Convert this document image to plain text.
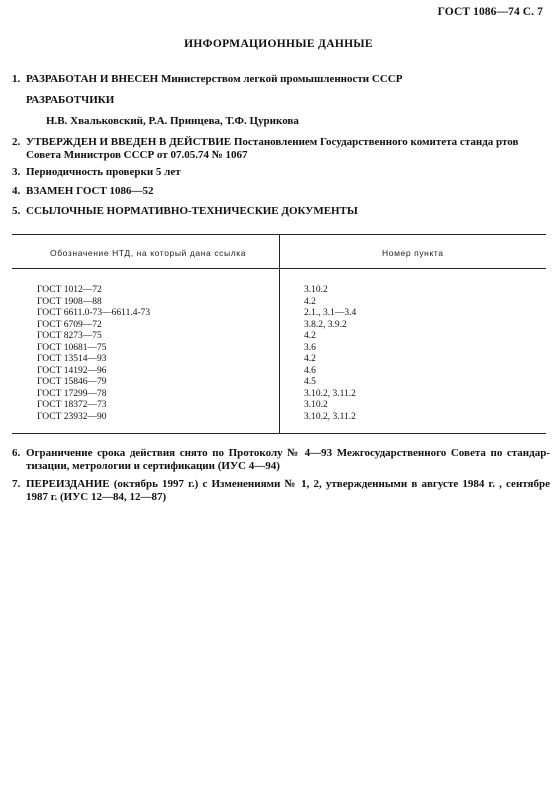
ГОСТ 1086—74 С. 7
ИНФОРМАЦИОННЫЕ ДАННЫЕ
1. РАЗРАБОТАН И ВНЕСЕН Министерством легкой промышленности СССР
РАЗРАБОТЧИКИ
Н.В. Хвальковский, Р.А. Принцева, Т.Ф. Цурикова
2. УТВЕРЖДЕН И ВВЕДЕН В ДЕЙСТВИЕ Постановлением Государственного комитета станда ртов Совета Министров СССР от 07.05.74 № 1067
3. Периодичность проверки 5 лет
4. ВЗАМЕН ГОСТ 1086—52
5. ССЫЛОЧНЫЕ НОРМАТИВНО-ТЕХНИЧЕСКИЕ ДОКУМЕНТЫ
Обозначение НТД, на который дана ссылка	Номер пункта
ГОСТ 1012—72	3.10.2
ГОСТ 1908—88	4.2
ГОСТ 6611.0-73—6611.4-73	2.1., 3.1—3.4
ГОСТ 6709—72	3.8.2, 3.9.2
ГОСТ 8273—75	4.2
ГОСТ 10681—75	3.6
ГОСТ 13514—93	4.2
ГОСТ 14192—96	4.6
ГОСТ 15846—79	4.5
ГОСТ 17299—78	3.10.2, 3.11.2
ГОСТ 18372—73	3.10.2
ГОСТ 23932—90	3.10.2, 3.11.2
6. Ограничение срока действия снято по Протоколу № 4—93 Межгосударственного Совета по стандар-тизации, метрологии и сертификации (ИУС 4—94)
7. ПЕРЕИЗДАНИЕ (октябрь 1997 г.) с Изменениями № 1, 2, утвержденными в августе 1984 г. , сентябре 1987 г. (ИУС 12—84, 12—87)
